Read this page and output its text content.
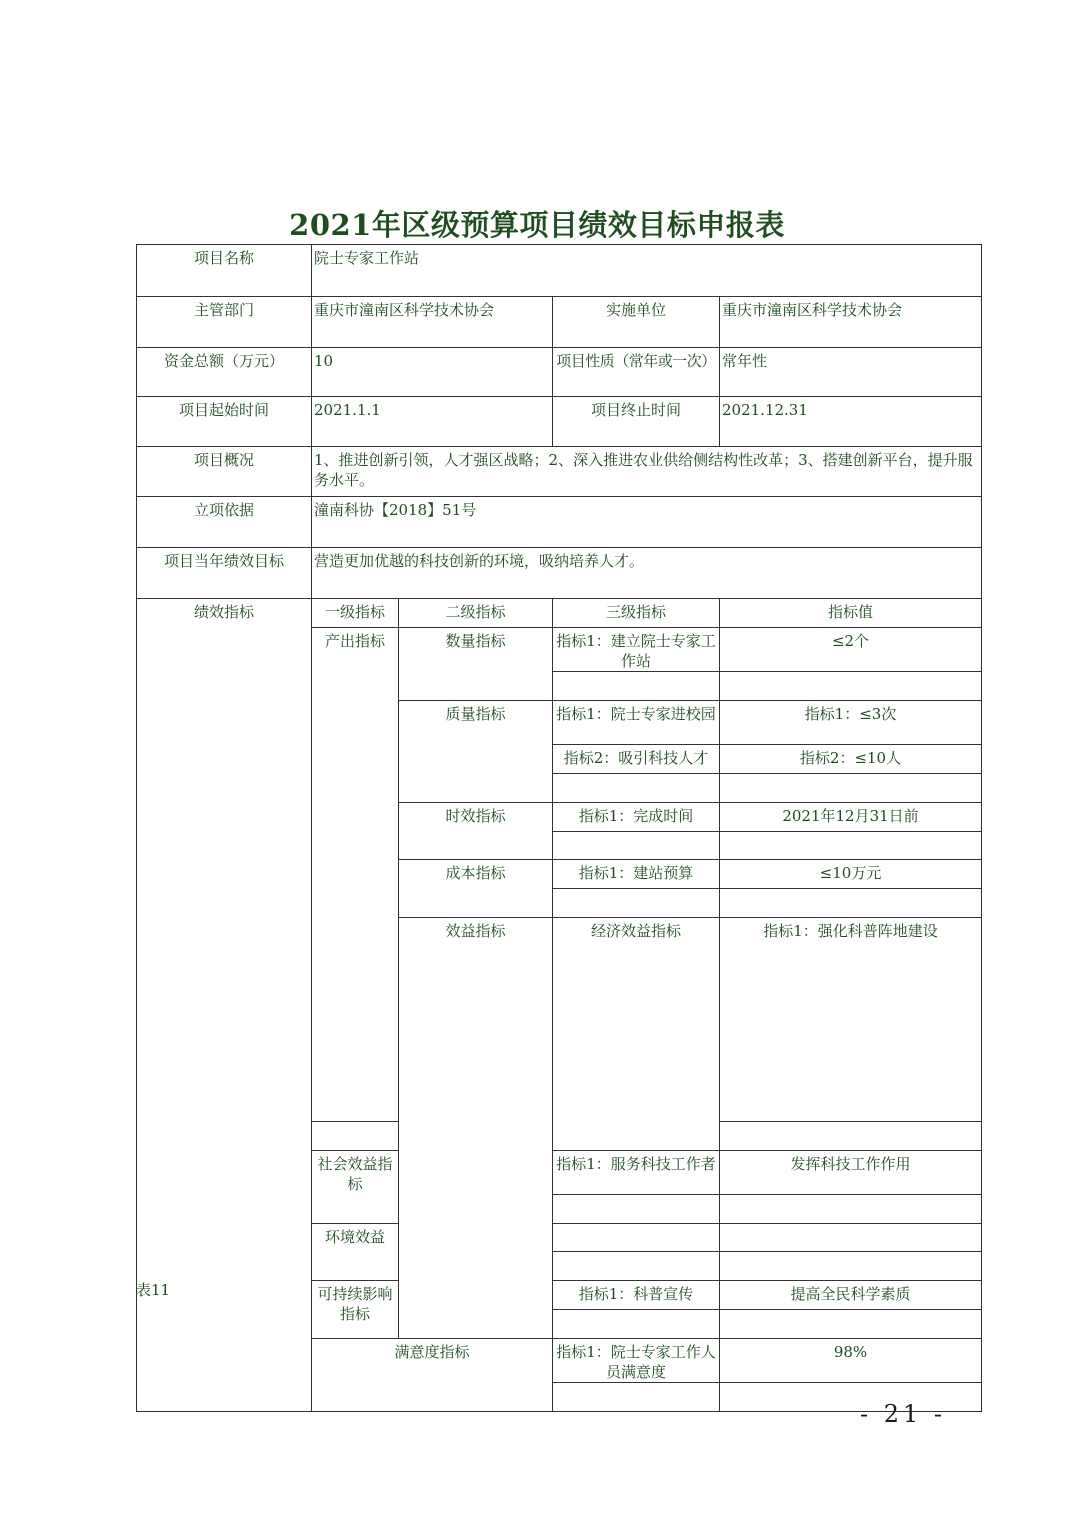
2021年区级预算项目绩效目标申报表
项目名称	院士专家工作站				
主管部门	重庆市潼南区科学技术协会		实施单位	重庆市潼南区科学技术协会	
资金总额（万元）	10		项目性质（常年或一次）	常年性	
项目起始时间	2021.1.1		项目终止时间	2021.12.31	
项目概况	1、推进创新引领，人才强区战略；2、深入推进农业供给侧结构性改革；3、搭建创新平台，提升服务水平。				
立项依据	潼南科协【2018】51号				
项目当年绩效目标	营造更加优越的科技创新的环境，吸纳培养人才。				
绩效指标	一级指标	二级指标	三级指标	指标值	
	产出指标	数量指标	指标1：建立院士专家工作站	≤2个	

		质量指标	指标1：院士专家进校园	指标1：≤3次	
			指标2：吸引科技人才	指标2：≤10人	

		时效指标	指标1：完成时间	2021年12月31日前	

		成本指标	指标1：建站预算	≤10万元	

		效益指标	经济效益指标	指标1：强化科普阵地建设	

	社会效益指标		指标1：服务科技工作者	发挥科技工作作用	

	环境效益				

	可持续影响指标		指标1：科普宣传	提高全民科学素质	

	满意度指标		指标1：院士专家工作人员满意度	98%	

表11
- 21 -
